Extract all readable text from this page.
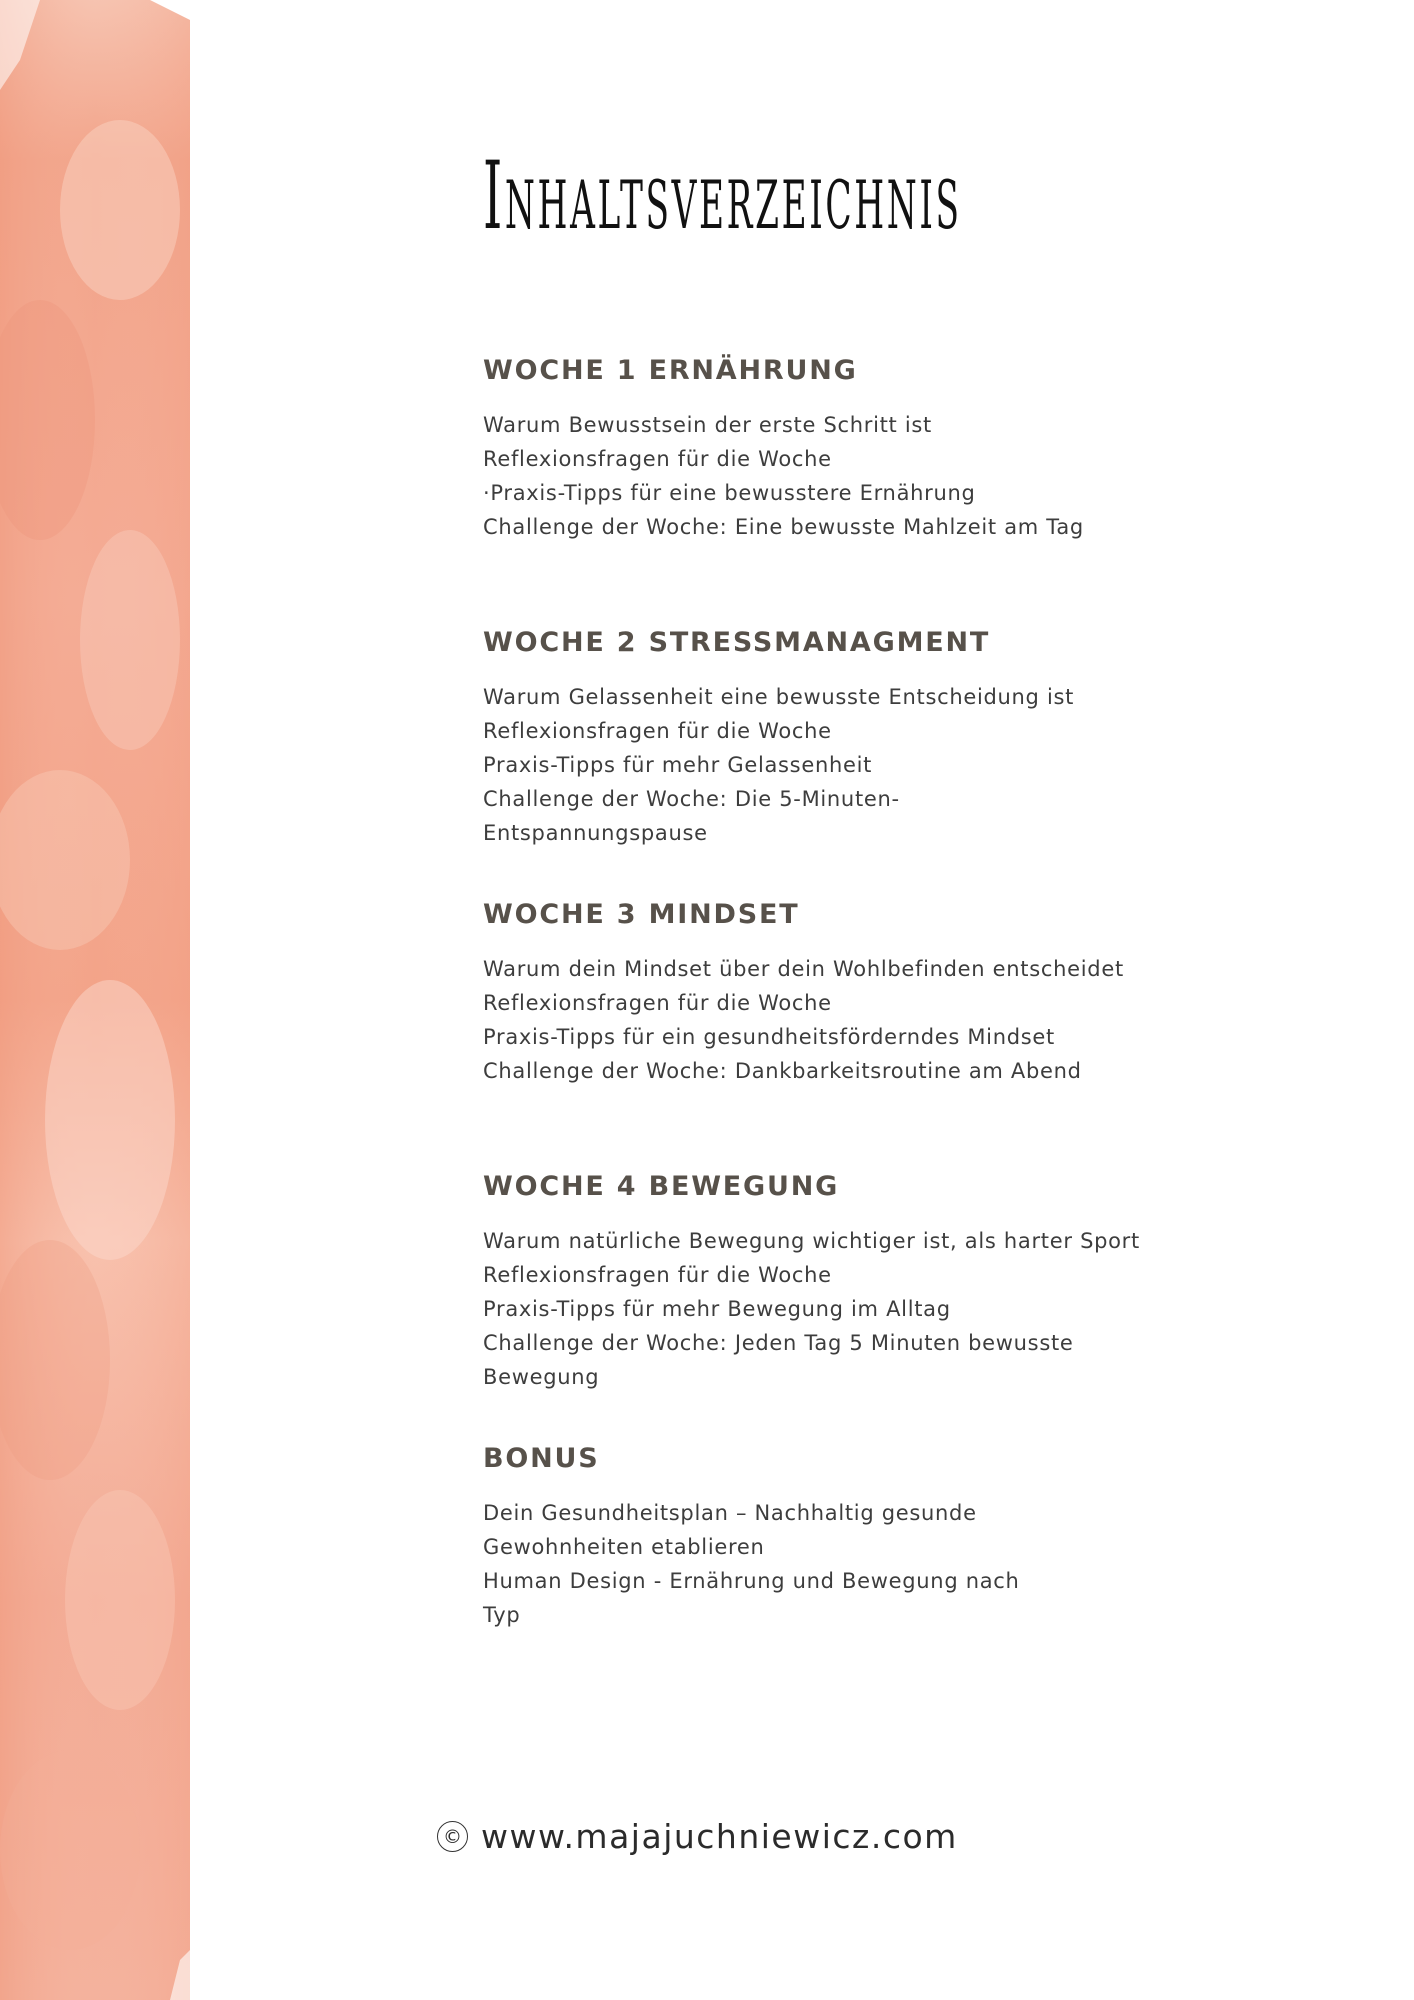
Inhaltsverzeichnis
WOCHE 1 ERNÄHRUNG
Warum Bewusstsein der erste Schritt ist
Reflexionsfragen für die Woche
·Praxis-Tipps für eine bewusstere Ernährung
Challenge der Woche: Eine bewusste Mahlzeit am Tag
WOCHE 2 STRESSMANAGMENT
Warum Gelassenheit eine bewusste Entscheidung ist
Reflexionsfragen für die Woche
Praxis-Tipps für mehr Gelassenheit
Challenge der Woche: Die 5-Minuten-
Entspannungspause
WOCHE 3 MINDSET
Warum dein Mindset über dein Wohlbefinden entscheidet
Reflexionsfragen für die Woche
Praxis-Tipps für ein gesundheitsförderndes Mindset
Challenge der Woche: Dankbarkeitsroutine am Abend
WOCHE 4 BEWEGUNG
Warum natürliche Bewegung wichtiger ist, als harter Sport
Reflexionsfragen für die Woche
Praxis-Tipps für mehr Bewegung im Alltag
Challenge der Woche: Jeden Tag 5 Minuten bewusste
Bewegung
BONUS
Dein Gesundheitsplan – Nachhaltig gesunde
Gewohnheiten etablieren
Human Design - Ernährung und Bewegung nach
Typ
© www.majajuchniewicz.com
